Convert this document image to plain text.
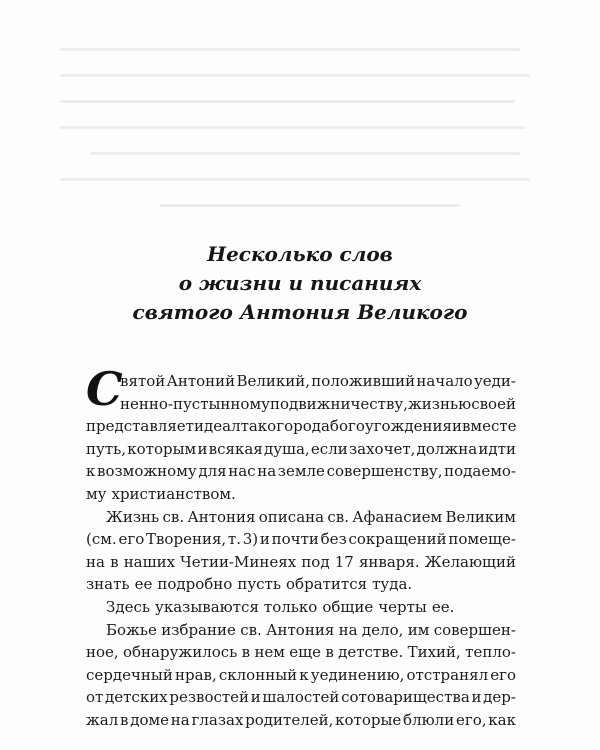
Несколько слов
о жизни и писаниях
святого Антония Великого
С
вятой Антоний Великий, положивший начало уеди-
ненно-пустынному подвижничеству, жизнью своей
представляет идеал такого рода богоугождения и вместе
путь, которым и всякая душа, если захочет, должна идти
к возможному для нас на земле совершенству, подаемо-
му христианством.
Жизнь св. Антония описана св. Афанасием Великим
(см. его Творения, т. 3) и почти без сокращений помеще-
на в наших Четии-Минеях под 17 января. Желающий
знать ее подробно пусть обратится туда.
Здесь указываются только общие черты ее.
Божье избрание св. Антония на дело, им совершен-
ное, обнаружилось в нем еще в детстве. Тихий, тепло-
сердечный нрав, склонный к уединению, отстранял его
от детских резвостей и шалостей сотоварищества и дер-
жал в доме на глазах родителей, которые блюли его, как
